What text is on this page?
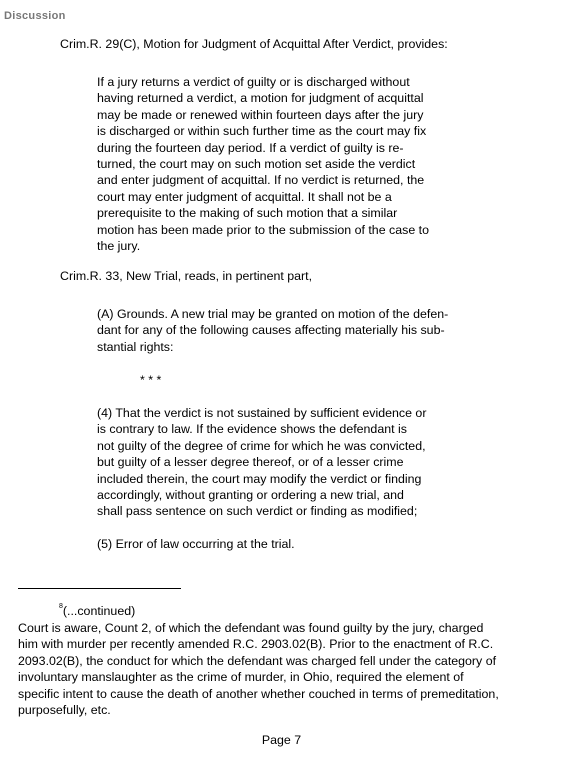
Discussion

Crim.R. 29(C), Motion for Judgment of Acquittal After Verdict, provides:

If a jury returns a verdict of guilty or is discharged without
having returned a verdict, a motion for judgment of acquittal
may be made or renewed within fourteen days after the jury
is discharged or within such further time as the court may fix
during the fourteen day period. If a verdict of guilty is re-
turned, the court may on such motion set aside the verdict
and enter judgment of acquittal. If no verdict is returned, the
court may enter judgment of acquittal. It shall not be a
prerequisite to the making of such motion that a similar
motion has been made prior to the submission of the case to
the jury.

Crim.R. 33, New Trial, reads, in pertinent part,

(A) Grounds. A new trial may be granted on motion of the defen-
dant for any of the following causes affecting materially his sub-
stantial rights:

* * *

(4) That the verdict is not sustained by sufficient evidence or
is contrary to law. If the evidence shows the defendant is
not guilty of the degree of crime for which he was convicted,
but guilty of a lesser degree thereof, or of a lesser crime
included therein, the court may modify the verdict or finding
accordingly, without granting or ordering a new trial, and
shall pass sentence on such verdict or finding as modified;
(5) Error of law occurring at the trial.

$^8$(...continued)

Court is aware, Count 2, of which the defendant was found guilty by the jury, charged
him with murder per recently amended R.C. 2903.02(B). Prior to the enactment of R.C.
2093.02(B), the conduct for which the defendant was charged fell under the category of
involuntary manslaughter as the crime of murder, in Ohio, required the element of
specific intent to cause the death of another whether couched in terms of premeditation,
purposefully, etc.

Page 7
